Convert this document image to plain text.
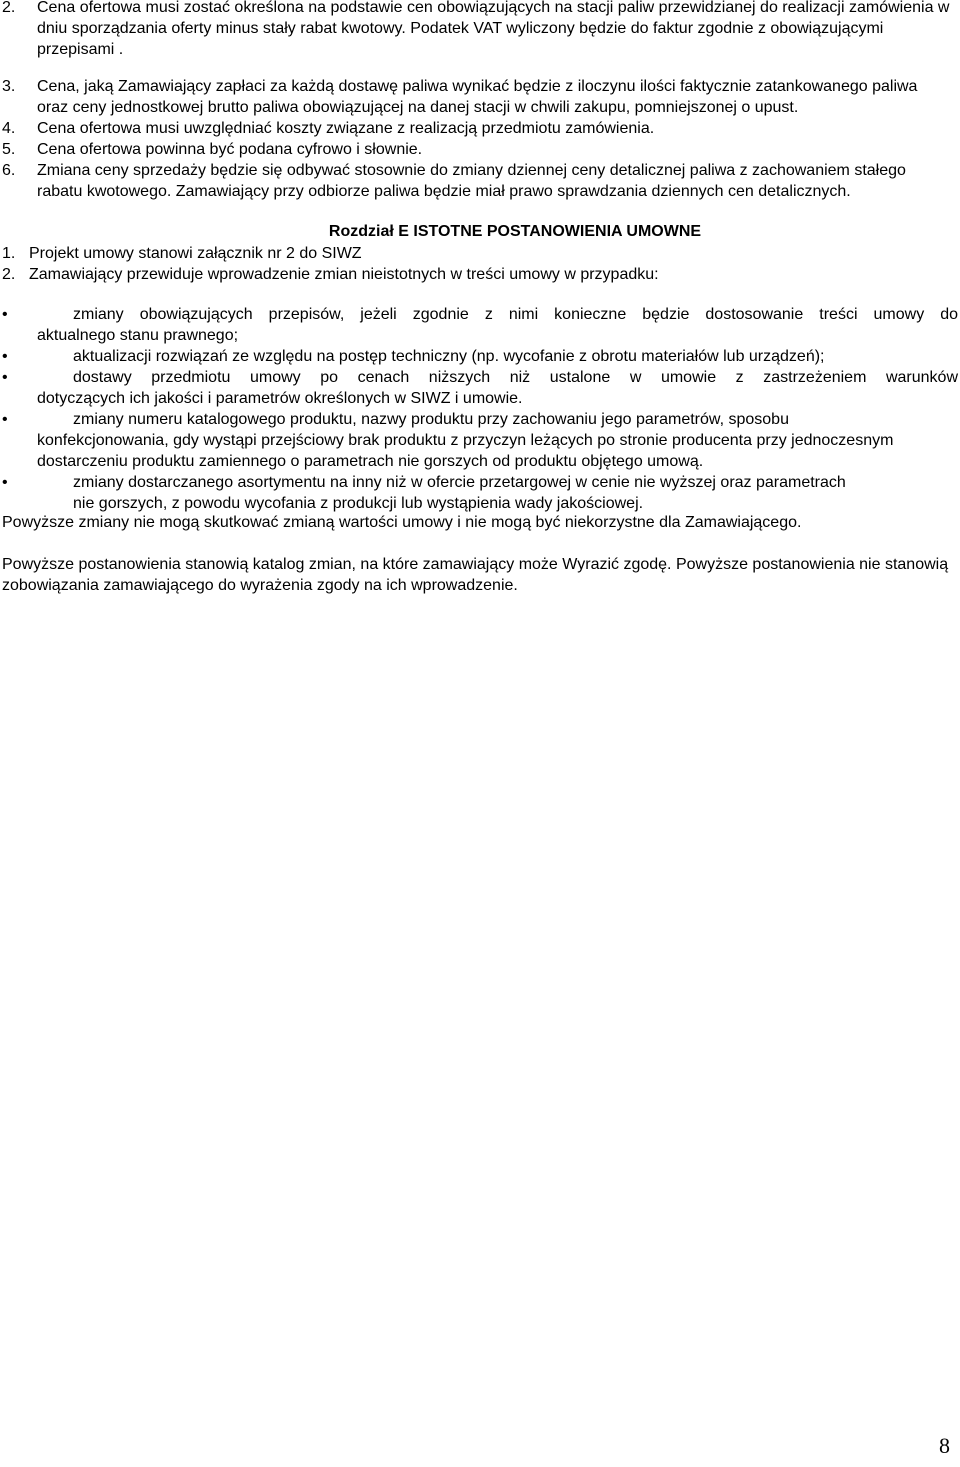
2. Cena ofertowa musi zostać określona na podstawie cen obowiązujących na stacji paliw przewidzianej do realizacji zamówienia w dniu sporządzania oferty minus stały rabat kwotowy. Podatek VAT wyliczony będzie do faktur zgodnie z obowiązującymi przepisami .
3. Cena, jaką Zamawiający zapłaci za każdą dostawę paliwa wynikać będzie z iloczynu ilości faktycznie zatankowanego paliwa oraz ceny jednostkowej brutto paliwa obowiązującej na danej stacji w chwili zakupu, pomniejszonej o upust.
4. Cena ofertowa musi uwzględniać koszty związane z realizacją przedmiotu zamówienia.
5. Cena ofertowa powinna być podana cyfrowo i słownie.
6. Zmiana ceny sprzedaży będzie się odbywać stosownie do zmiany dziennej ceny detalicznej paliwa z zachowaniem stałego rabatu kwotowego. Zamawiający przy odbiorze paliwa będzie miał prawo sprawdzania dziennych cen detalicznych.
Rozdział E ISTOTNE POSTANOWIENIA UMOWNE
1. Projekt umowy stanowi załącznik nr 2 do SIWZ
2. Zamawiający przewiduje wprowadzenie zmian nieistotnych w treści umowy w przypadku:
•	zmiany obowiązujących przepisów, jeżeli zgodnie z nimi konieczne będzie dostosowanie treści umowy do
aktualnego stanu prawnego;
•	aktualizacji rozwiązań ze względu na postęp techniczny (np. wycofanie z obrotu materiałów lub urządzeń);
•	dostawy przedmiotu umowy po cenach niższych niż ustalone w umowie z zastrzeżeniem warunków
dotyczących ich jakości i parametrów określonych w SIWZ i umowie.
•	zmiany numeru katalogowego produktu, nazwy produktu przy zachowaniu jego parametrów, sposobu
konfekcjonowania, gdy wystąpi przejściowy brak produktu z przyczyn leżących po stronie producenta przy jednoczesnym dostarczeniu produktu zamiennego o parametrach nie gorszych od produktu objętego umową.
•	zmiany dostarczanego asortymentu na inny niż w ofercie przetargowej w cenie nie wyższej oraz parametrach
nie gorszych, z powodu wycofania z produkcji lub wystąpienia wady jakościowej.
Powyższe zmiany nie mogą skutkować zmianą wartości umowy i nie mogą być niekorzystne dla Zamawiającego.
Powyższe postanowienia stanowią katalog zmian, na które zamawiający może Wyrazić zgodę. Powyższe postanowienia nie stanowią zobowiązania zamawiającego do wyrażenia zgody na ich wprowadzenie.
8
